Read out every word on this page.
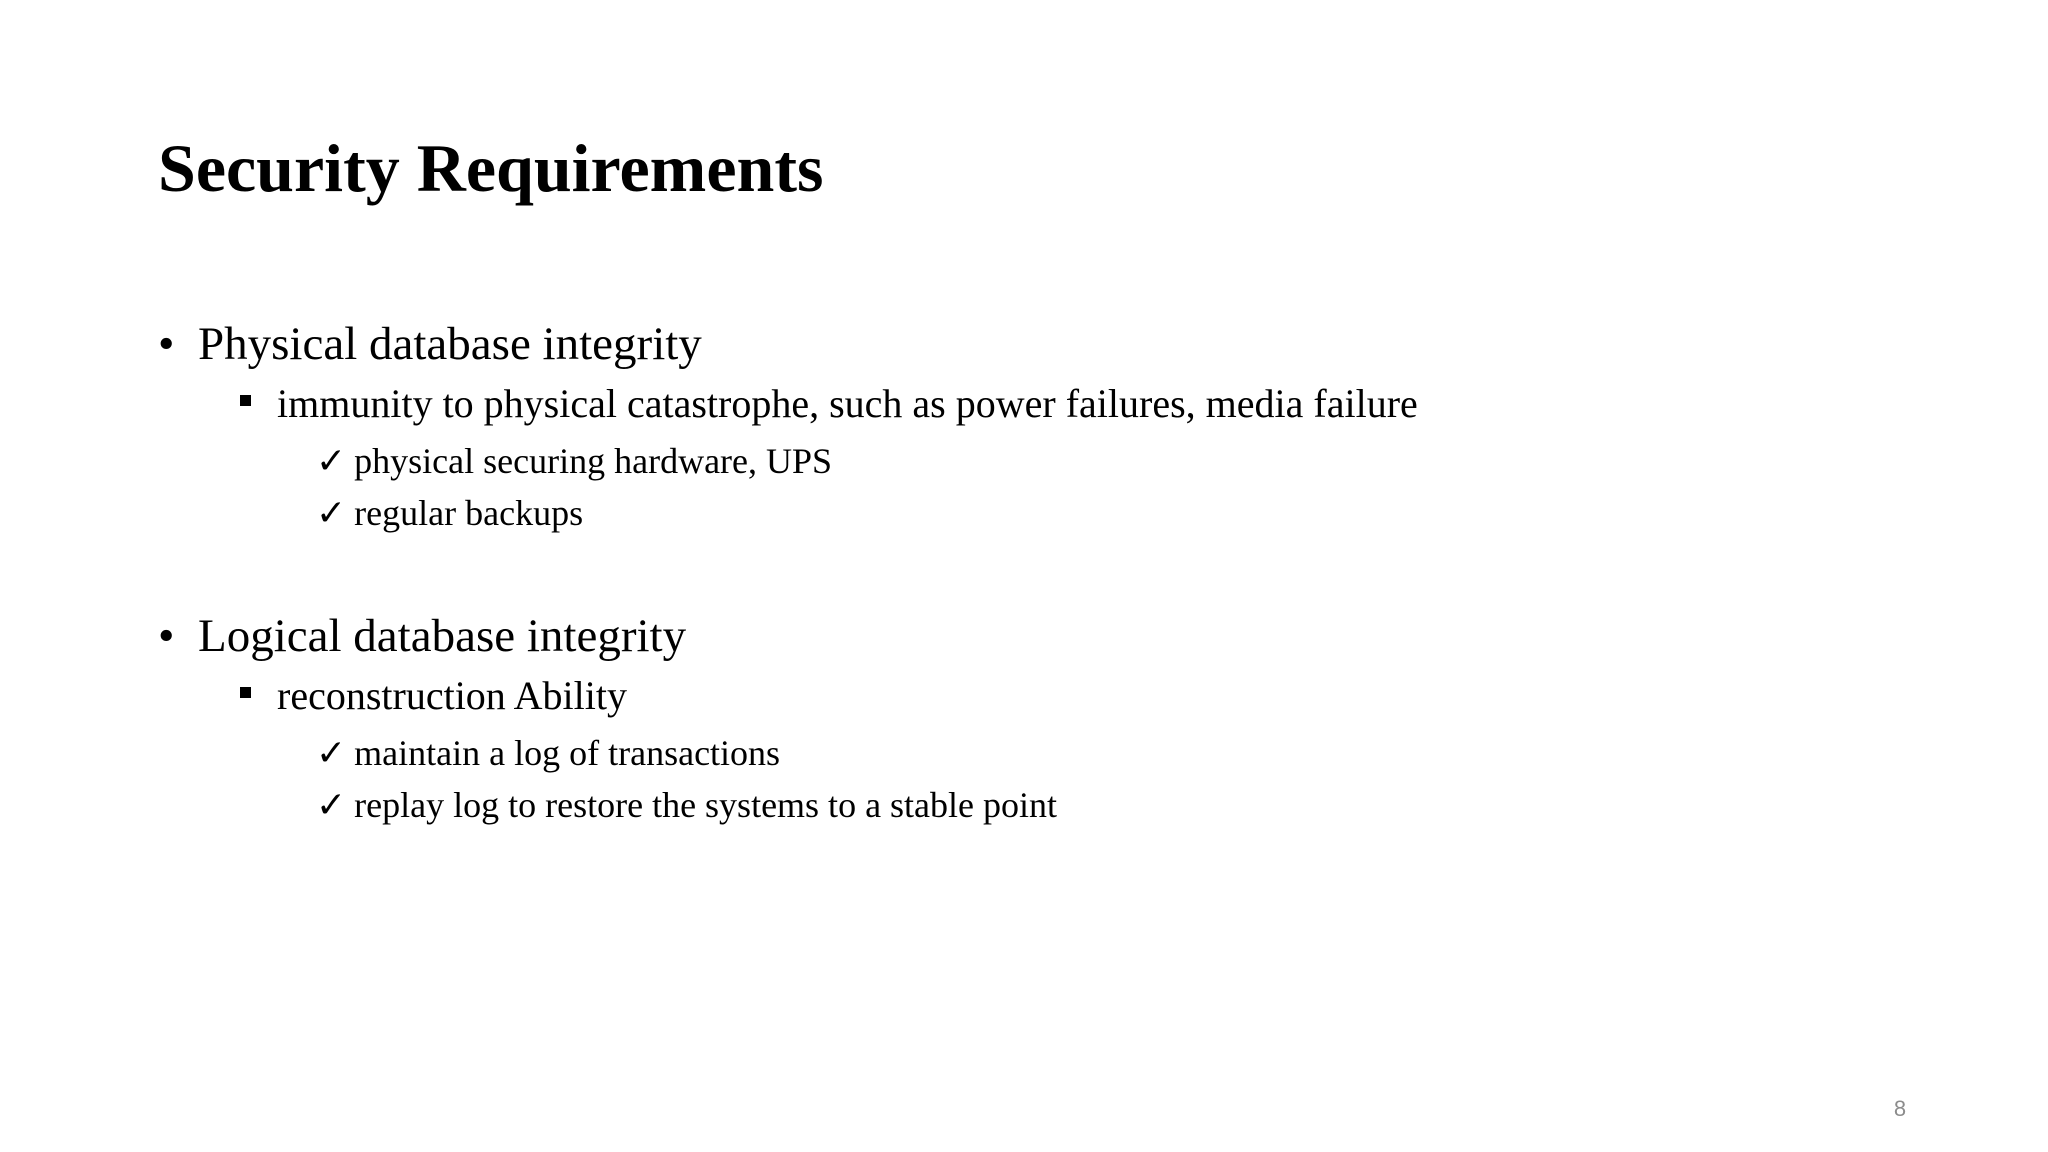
Security Requirements
• Physical database integrity
immunity to physical catastrophe, such as power failures, media failure
✓ physical securing hardware, UPS
✓ regular backups
• Logical database integrity
reconstruction Ability
✓ maintain a log of transactions
✓ replay log to restore the systems to a stable point
8
